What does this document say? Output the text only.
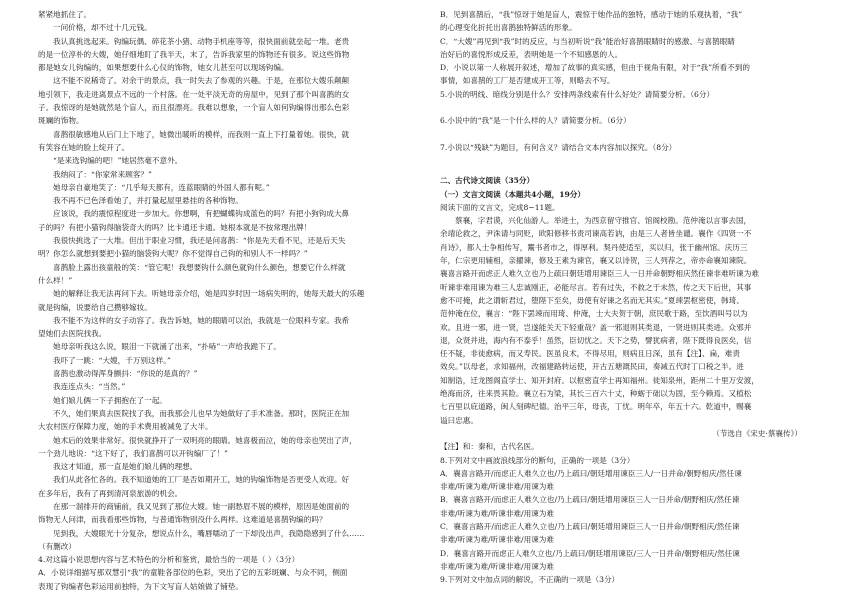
紧紧地抓住了。
一问价格，却不过十几元钱。
我认真挑选起来。钩编玩偶、碎花茶小猪、动物手机座等等，很快面前就垒起一堆。老贵
的是一位淳朴的大嫂，她仔细地盯了我半天，末了，告诉我家里的饰物还有很多。说这些饰物
都是她女儿钩编的，如果想要什么心仪的饰物，她女儿甚至可以现场钩编。
这不能不说稀奇了。对余干的景点，我一时失去了参观的兴趣。于是，在那位大嫂乐颠颠
地引领下，我走进离景点不远的一个村落。在一处平淡无奇的房屋中，见到了那个叫喜鹊的女
子。我惊讶的是她就然是个盲人，而且很漂亮。我难以想象，一个盲人如何钩编得出那么色彩
斑斓的饰物。
喜鹊很敏感地从后门上下地了，她微出暖昕的模样，而我则一直上下打量着她。很快，就
有笑容在她的脸上绽开了。
“是来选钩编的吧！”她居然毫不意外。
我纳闷了：“你家常来顾客？”
她母亲自豪地笑了：“几乎每天都有，连蓝眼睛的外国人都有呢。”
我不再不已色泽看她了，并打量起屋里悬挂的各种饰物。
应该说，我的震惊程度进一步加大。你想啊，有把蝴蝶钩成蓝色的吗？有把小狗钩成大鼻
子的吗？有把小猫钩得脑袋奇大的吗？比卡通还卡通。她根本就是不按常理出牌！
我很快挑选了一大堆。但出于职业习惯，我还是问喜鹊：“你是先天看不见，还是后天失
明？你怎么就想到要把小猫的脑袋钩大呢？你不觉得自己钩的和别人不一样吗？”
喜鹊脸上露出孩童般的笑：“管它呢！我想要钩什么颜色就钩什么颜色，想要它什么样就
什么样！”
她的解释让我无法再问下去。听她母亲介绍，她是四岁时因一场病失明的，她每天最大的乐趣
就是钩编，说要给自己攒够嫁妆。
我不能不为这样的女子动容了。我告诉她，她的眼睛可以治，我就是一位眼科专家。我希
望她们去医院找我。
她母亲听我这么说，眼泪一下就涌了出来，“扑哧”一声给我跪下了。
我吓了一跳：“大嫂，千万别这样。”
喜鹊也激动得浑身颤抖：“你说的是真的？”
我连连点头：“当然。”
她们娘儿俩一下子拥抱在了一起。
不久，她们果真去医院找了我，而我那会儿也早为她做好了手术准备。那时，医院正在加
大农村医疗保障力度，她的手术费用被减免了大半。
她术后的效果非常好。很快就挣开了一双明亮的眼睛。她喜极而泣，她的母亲也哭出了声，
一个劲儿地说：“这下好了，我们喜鹊可以开钩编厂了！”
我这才知道，那一直是她们娘儿俩的理想。
我们从此各忙各的。我不知道她的工厂是否如期开工，她的钩编饰物是否更受人欢迎。好
在多年后，我有了再到清河泉旅游的机会。
在那一溜排开的商铺前，我又见到了那位大嫂。她一副愁眉不展的模样，原因是她面前的
饰物无人问津，而我看那些饰物，与普通饰物别没什么两样。这难道是喜鹊钩编的吗？
见到我，大嫂眼光十分复杂，想说点什么，嘴唇嚅动了一下却没出声，我隐隐感到了什么……
（有删改）
4.对这篇小说思想内容与艺术特色的分析和鉴赏，最恰当的一项是（ ）（3分）
A．小说详细描写那双慧引“我”的童鞋各部位的色彩，突出了它的五彩斑斓、与众不同，侧面
表现了钩编者色彩运用前独特，为下文写盲人姑娘做了铺垫。
B．见到喜鹊后，“我”惊讶于她是盲人，震惊于她作品的独特，感动于她的乐观执着，“我”
的心理变化折托出喜鹊独特鲜活的形象。
C．“大嫂”再见到“我”时的反应，与当初听说“我”能治好喜鹊眼睛时的感激、与喜鹊眼睛
治好后的喜悦形成反差，表明她是一个不知感恩的人。
D．小说以第一人称展开叙述，增加了故事的真实感，但由于视角有限，对于“我”所看不到的
事情，如喜鹊的工厂是否建成开工等，则略去不写。
5.小说的明线、暗线分别是什么？安排两条线索有什么好处？请简要分析。（6分）
6.小说中的“我”是一个什么样的人？请简要分析。（6分）
7.小说以“残缺”为题目，有何含义？请结合文本内容加以探究。（8分）
二、古代诗文阅读（35分）
（一）文言文阅读（本题共4小题，19分）
阅读下面的文言文，完成8~11题。
蔡襄，字君谟，兴化仙游人。举进士，为西京留守推官、馆阁校勘。范仲淹以言事去国，
余靖论救之，尹洙请与同贬，欧阳修移书责司谏高若讷，由是三人者皆坐谴。襄作《四贤一不
肖诗》，都人士争相传写，鬻书者市之，得厚利。契丹使适至，买以归，张于幽州馆。庆历三
年，仁宗更用辅相，亲擢谏，修及王素为谏官，襄又以诗贺，三人列荐之，帝亦命襄知谏院。
襄喜言路开而虑正人难久立也乃上疏曰朝廷增用谏臣三人一日并命朝野相庆然任谏非难听谏为难
听谏非难用谏为难三人忠诚刚正，必能尽言。若有过失，不救之于未然，传之天下后世，其事
愈不可掩，此之谓斩君过，堕陛下至矣，毋使有好谏之名而无其实。”夏竦罢枢密使，韩琦、
范仲淹在位，襄言：“陛下罢竦而用琦、仲淹，士大夫贺于朝，庶民歌于路，至饮酒叫号以为
欢。且进一邪，进一贤，岂遂能关天下轻重哉？盖一邪退则其类退，一贤进则其类进。众邪并
退，众贤并进，海内有不泰乎！虽然，臣切忧之。天下之势，譬犹病者，陛下既得良医矣，信
任不疑，非徒愈病，而又寿民。医虽良术，不得尽用，则病且日深，虽有【注】、扁，难责
效矣。”以母老，求知福州，改福建路转运使，开古五塘溉民田，奏减五代时丁口税之半。进
知制诰，迁龙图阁直学士、知开封府。以枢密直学士再知福州。徙知泉州，距州二十里万安渡，
绝海而济，往来畏其险。襄立石为梁，其长三百六十丈，种蛎于础以为固，至今赖焉。又植松
七百里以庇道路，闽人刻碑纪德。治平三年，母丧，丁忧。明年卒，年五十六。乾道中，赐襄
谥曰忠惠。
（节选自《宋史·蔡襄传》）
【注】和：秦和，古代名医。
8.下列对文中画波浪线部分的断句，正确的一项是（3分）
A．襄喜言路开/而虑正人难久立也/乃上疏曰/朝廷增用谏臣三人/一日并命/朝野相庆/然任谏
非难/听谏为难/听谏非难/用谏为难
B．襄喜言路开/而虑正人难久立也/乃上疏曰/朝廷增用谏臣三人一日并命/朝野相庆/然任谏
非难/听谏为难/听谏非难/用谏为难
C．襄喜言路开/而虑正人难久立也/乃上疏曰/朝廷增用谏臣三人一日并命/朝野相庆/然任谏
非难/听谏为难/听谏非难/用谏为难
D．襄喜言路开而虑正人难久立也/乃上疏曰/朝廷增用谏臣/三人一日并命/朝野相庆/然任谏
非难/听谏为难/听谏非难/用谏为难
9.下列对文中加点词的解说，不正确的一项是（3分）
